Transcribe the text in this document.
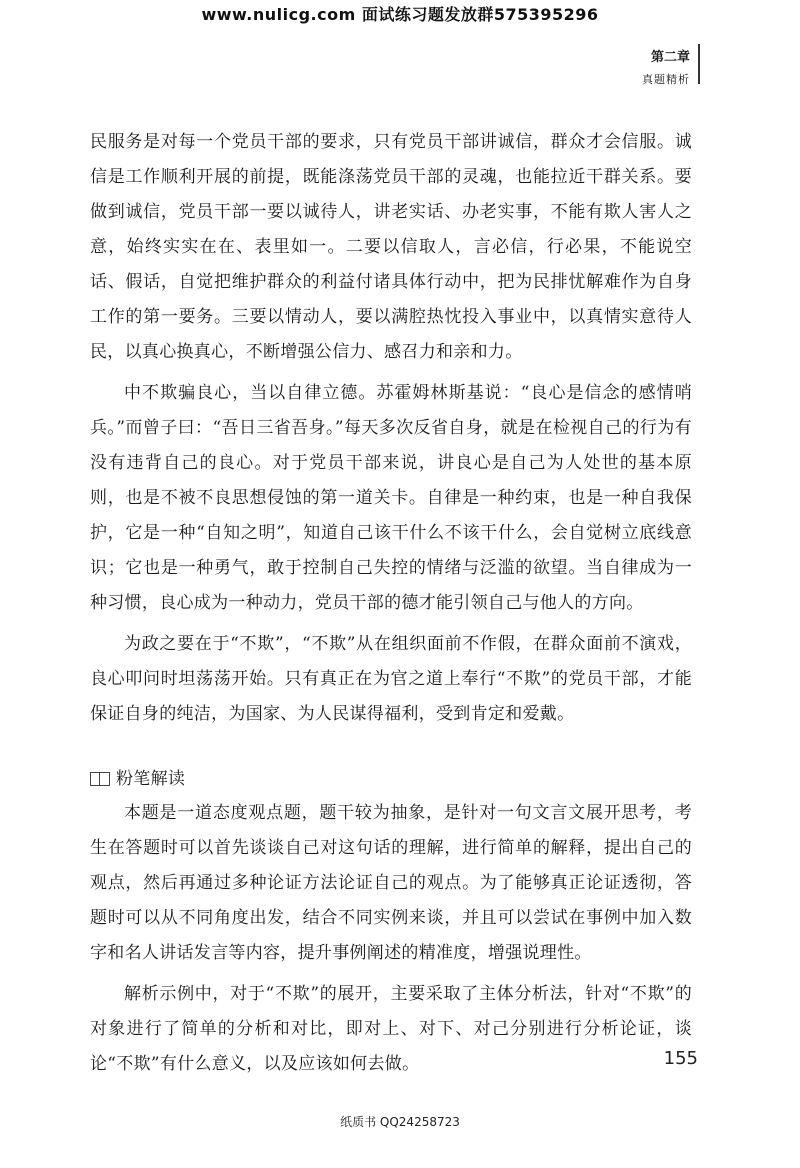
www.nulicg.com 面试练习题发放群575395296
第二章
真题精析

民服务是对每一个党员干部的要求，只有党员干部讲诚信，群众才会信服。诚信是工作顺利开展的前提，既能涤荡党员干部的灵魂，也能拉近干群关系。要做到诚信，党员干部一要以诚待人，讲老实话、办老实事，不能有欺人害人之意，始终实实在在、表里如一。二要以信取人，言必信，行必果，不能说空话、假话，自觉把维护群众的利益付诸具体行动中，把为民排忧解难作为自身工作的第一要务。三要以情动人，要以满腔热忱投入事业中，以真情实意待人民，以真心换真心，不断增强公信力、感召力和亲和力。

中不欺骗良心，当以自律立德。苏霍姆林斯基说：“良心是信念的感情哨兵。”而曾子曰：“吾日三省吾身。”每天多次反省自身，就是在检视自己的行为有没有违背自己的良心。对于党员干部来说，讲良心是自己为人处世的基本原则，也是不被不良思想侵蚀的第一道关卡。自律是一种约束，也是一种自我保护，它是一种“自知之明”，知道自己该干什么不该干什么，会自觉树立底线意识；它也是一种勇气，敢于控制自己失控的情绪与泛滥的欲望。当自律成为一种习惯，良心成为一种动力，党员干部的德才能引领自己与他人的方向。

为政之要在于“不欺”，“不欺”从在组织面前不作假，在群众面前不演戏，良心叩问时坦荡荡开始。只有真正在为官之道上奉行“不欺”的党员干部，才能保证自身的纯洁，为国家、为人民谋得福利，受到肯定和爱戴。

粉笔解读

本题是一道态度观点题，题干较为抽象，是针对一句文言文展开思考，考生在答题时可以首先谈谈自己对这句话的理解，进行简单的解释，提出自己的观点，然后再通过多种论证方法论证自己的观点。为了能够真正论证透彻，答题时可以从不同角度出发，结合不同实例来谈，并且可以尝试在事例中加入数字和名人讲话发言等内容，提升事例阐述的精准度，增强说理性。

解析示例中，对于“不欺”的展开，主要采取了主体分析法，针对“不欺”的对象进行了简单的分析和对比，即对上、对下、对己分别进行分析论证，谈论“不欺”有什么意义，以及应该如何去做。	155
纸质书 QQ24258723
